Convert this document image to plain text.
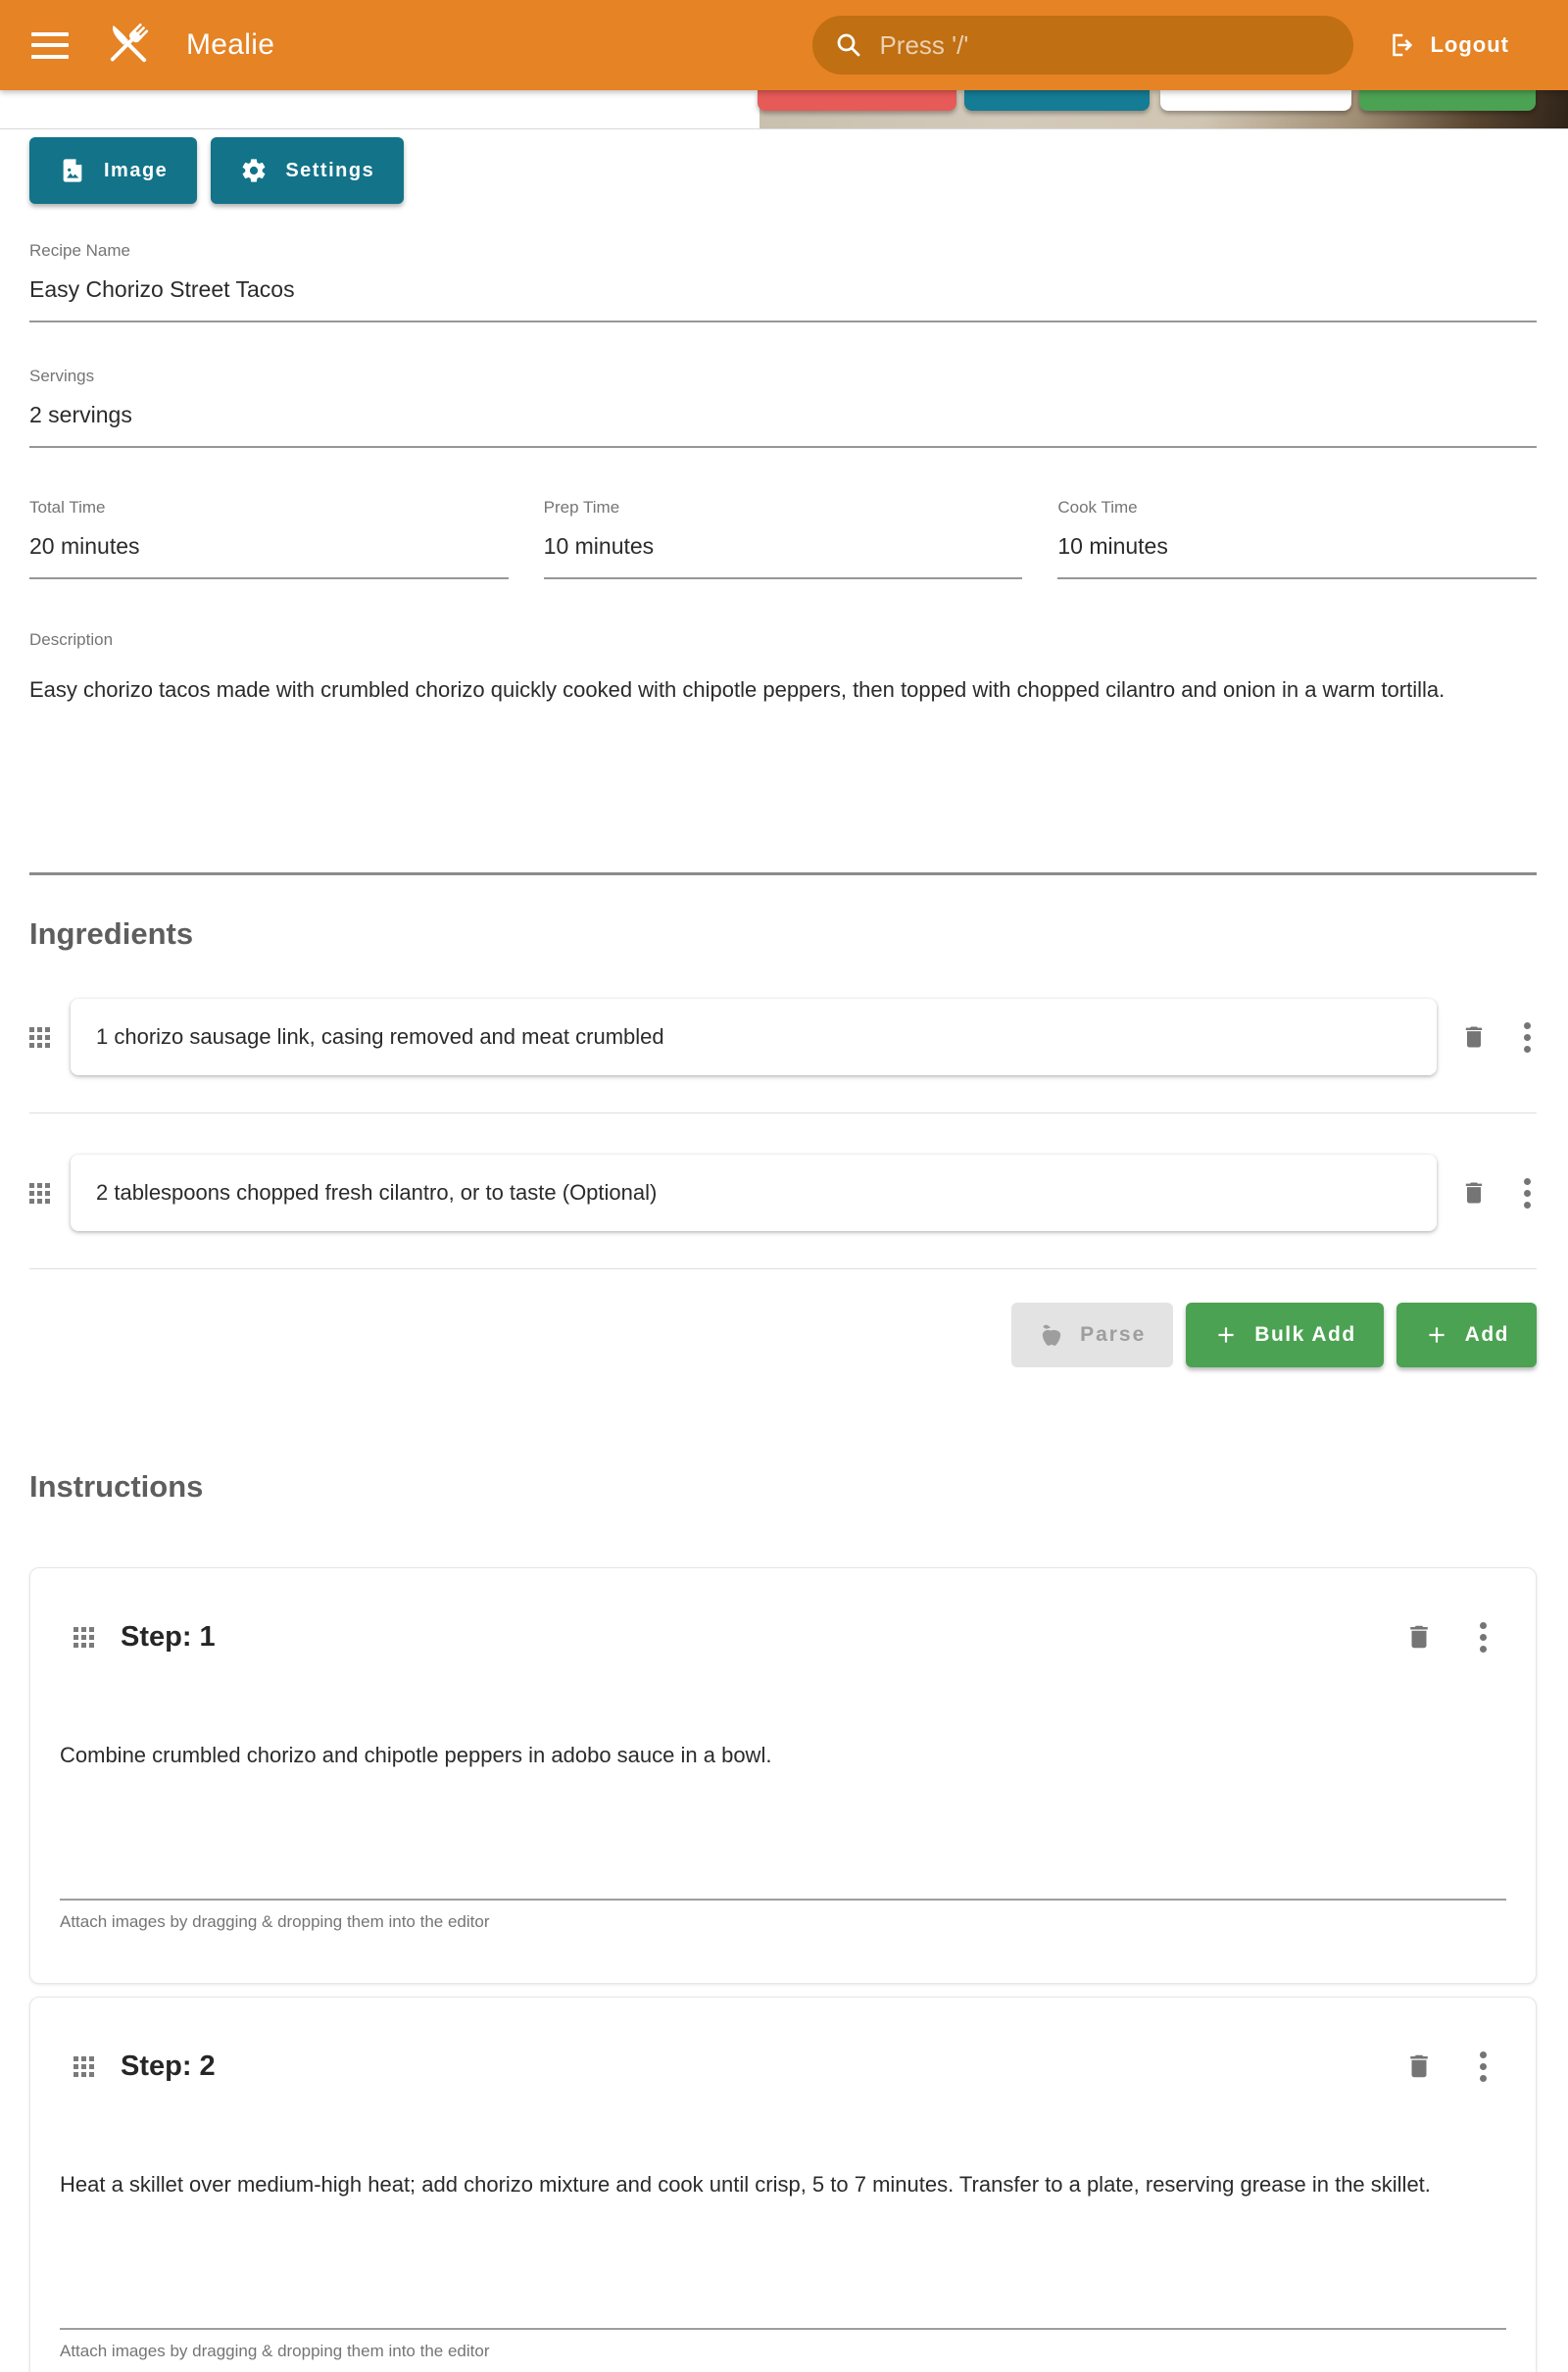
Mealie
Press '/'	Logout
Image	Settings
Recipe Name
Easy Chorizo Street Tacos
Servings
2 servings
Total Time
20 minutes
Prep Time
10 minutes
Cook Time
10 minutes
Description
Easy chorizo tacos made with crumbled chorizo quickly cooked with chipotle peppers, then topped with chopped cilantro and onion in a warm tortilla.
Ingredients
1 chorizo sausage link, casing removed and meat crumbled
2 tablespoons chopped fresh cilantro, or to taste (Optional)
Parse	Bulk Add	Add
Instructions
Step: 1
Combine crumbled chorizo and chipotle peppers in adobo sauce in a bowl.
Attach images by dragging & dropping them into the editor
Step: 2
Heat a skillet over medium-high heat; add chorizo mixture and cook until crisp, 5 to 7 minutes. Transfer to a plate, reserving grease in the skillet.
Attach images by dragging & dropping them into the editor
